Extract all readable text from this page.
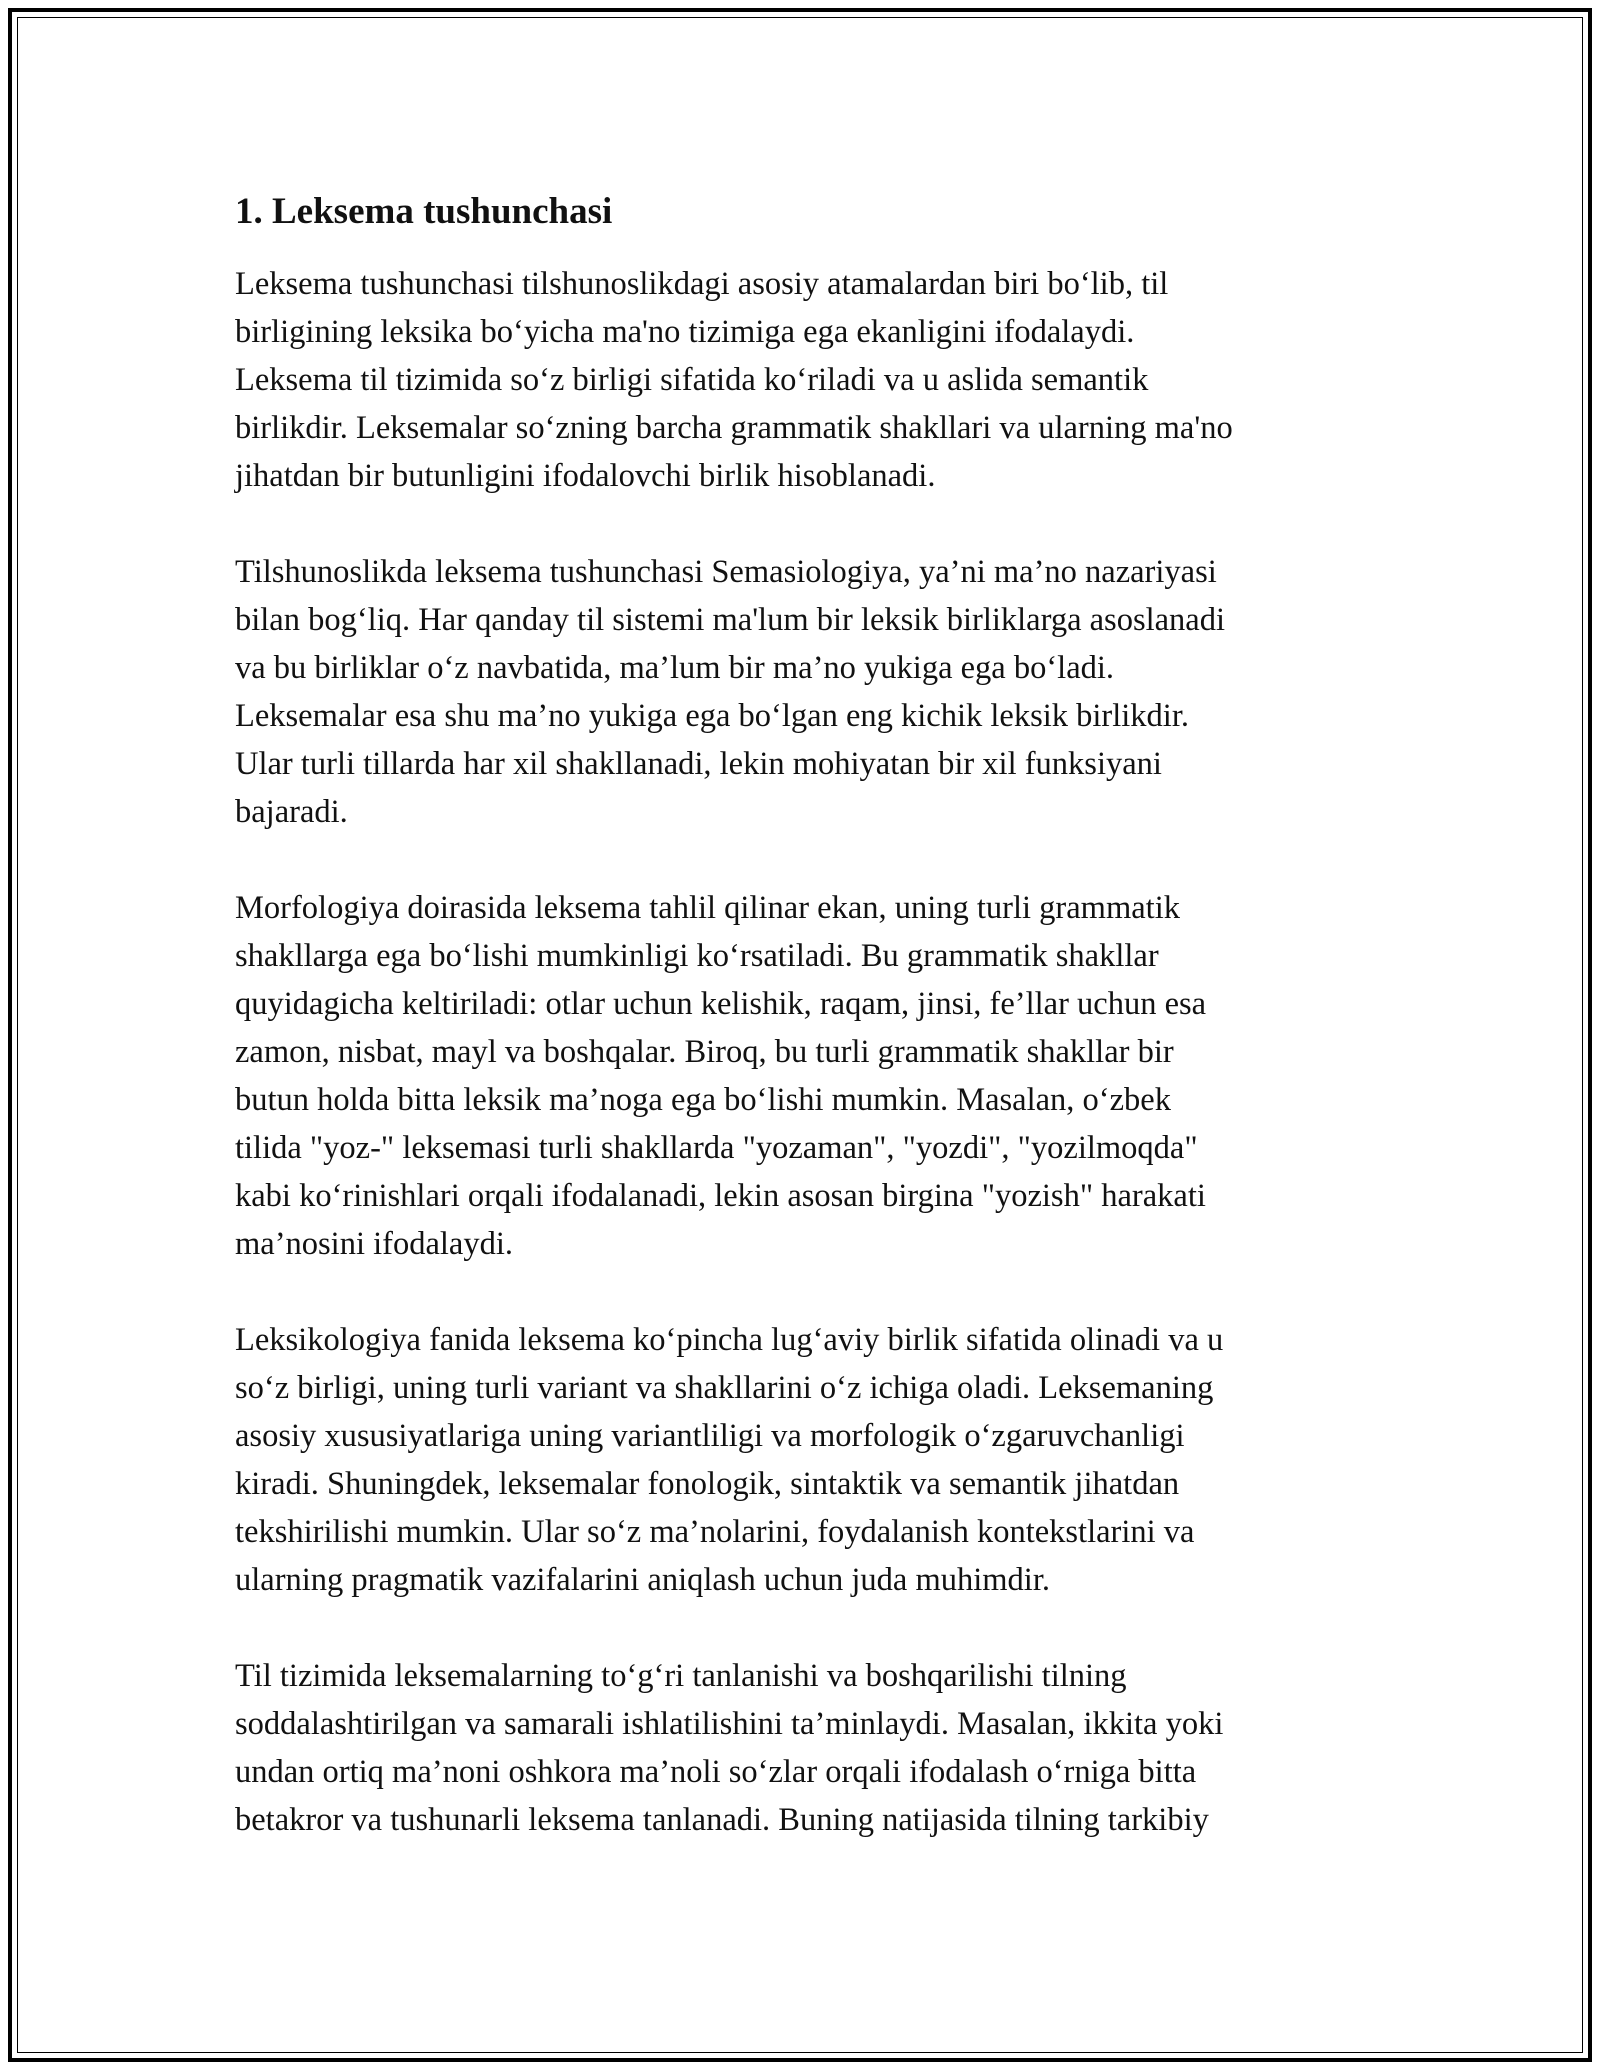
1. Leksema tushunchasi

Leksema tushunchasi tilshunoslikdagi asosiy atamalardan biri bo‘lib, til
birligining leksika bo‘yicha ma'no tizimiga ega ekanligini ifodalaydi.
Leksema til tizimida so‘z birligi sifatida ko‘riladi va u aslida semantik
birlikdir. Leksemalar so‘zning barcha grammatik shakllari va ularning ma'no
jihatdan bir butunligini ifodalovchi birlik hisoblanadi.

Tilshunoslikda leksema tushunchasi Semasiologiya, ya’ni ma’no nazariyasi
bilan bog‘liq. Har qanday til sistemi ma'lum bir leksik birliklarga asoslanadi
va bu birliklar o‘z navbatida, ma’lum bir ma’no yukiga ega bo‘ladi.
Leksemalar esa shu ma’no yukiga ega bo‘lgan eng kichik leksik birlikdir.
Ular turli tillarda har xil shakllanadi, lekin mohiyatan bir xil funksiyani
bajaradi.

Morfologiya doirasida leksema tahlil qilinar ekan, uning turli grammatik
shakllarga ega bo‘lishi mumkinligi ko‘rsatiladi. Bu grammatik shakllar
quyidagicha keltiriladi: otlar uchun kelishik, raqam, jinsi, fe’llar uchun esa
zamon, nisbat, mayl va boshqalar. Biroq, bu turli grammatik shakllar bir
butun holda bitta leksik ma’noga ega bo‘lishi mumkin. Masalan, o‘zbek
tilida "yoz-" leksemasi turli shakllarda "yozaman", "yozdi", "yozilmoqda"
kabi ko‘rinishlari orqali ifodalanadi, lekin asosan birgina "yozish" harakati
ma’nosini ifodalaydi.

Leksikologiya fanida leksema ko‘pincha lug‘aviy birlik sifatida olinadi va u
so‘z birligi, uning turli variant va shakllarini o‘z ichiga oladi. Leksemaning
asosiy xususiyatlariga uning variantliligi va morfologik o‘zgaruvchanligi
kiradi. Shuningdek, leksemalar fonologik, sintaktik va semantik jihatdan
tekshirilishi mumkin. Ular so‘z ma’nolarini, foydalanish kontekstlarini va
ularning pragmatik vazifalarini aniqlash uchun juda muhimdir.

Til tizimida leksemalarning to‘g‘ri tanlanishi va boshqarilishi tilning
soddalashtirilgan va samarali ishlatilishini ta’minlaydi. Masalan, ikkita yoki
undan ortiq ma’noni oshkora ma’noli so‘zlar orqali ifodalash o‘rniga bitta
betakror va tushunarli leksema tanlanadi. Buning natijasida tilning tarkibiy
